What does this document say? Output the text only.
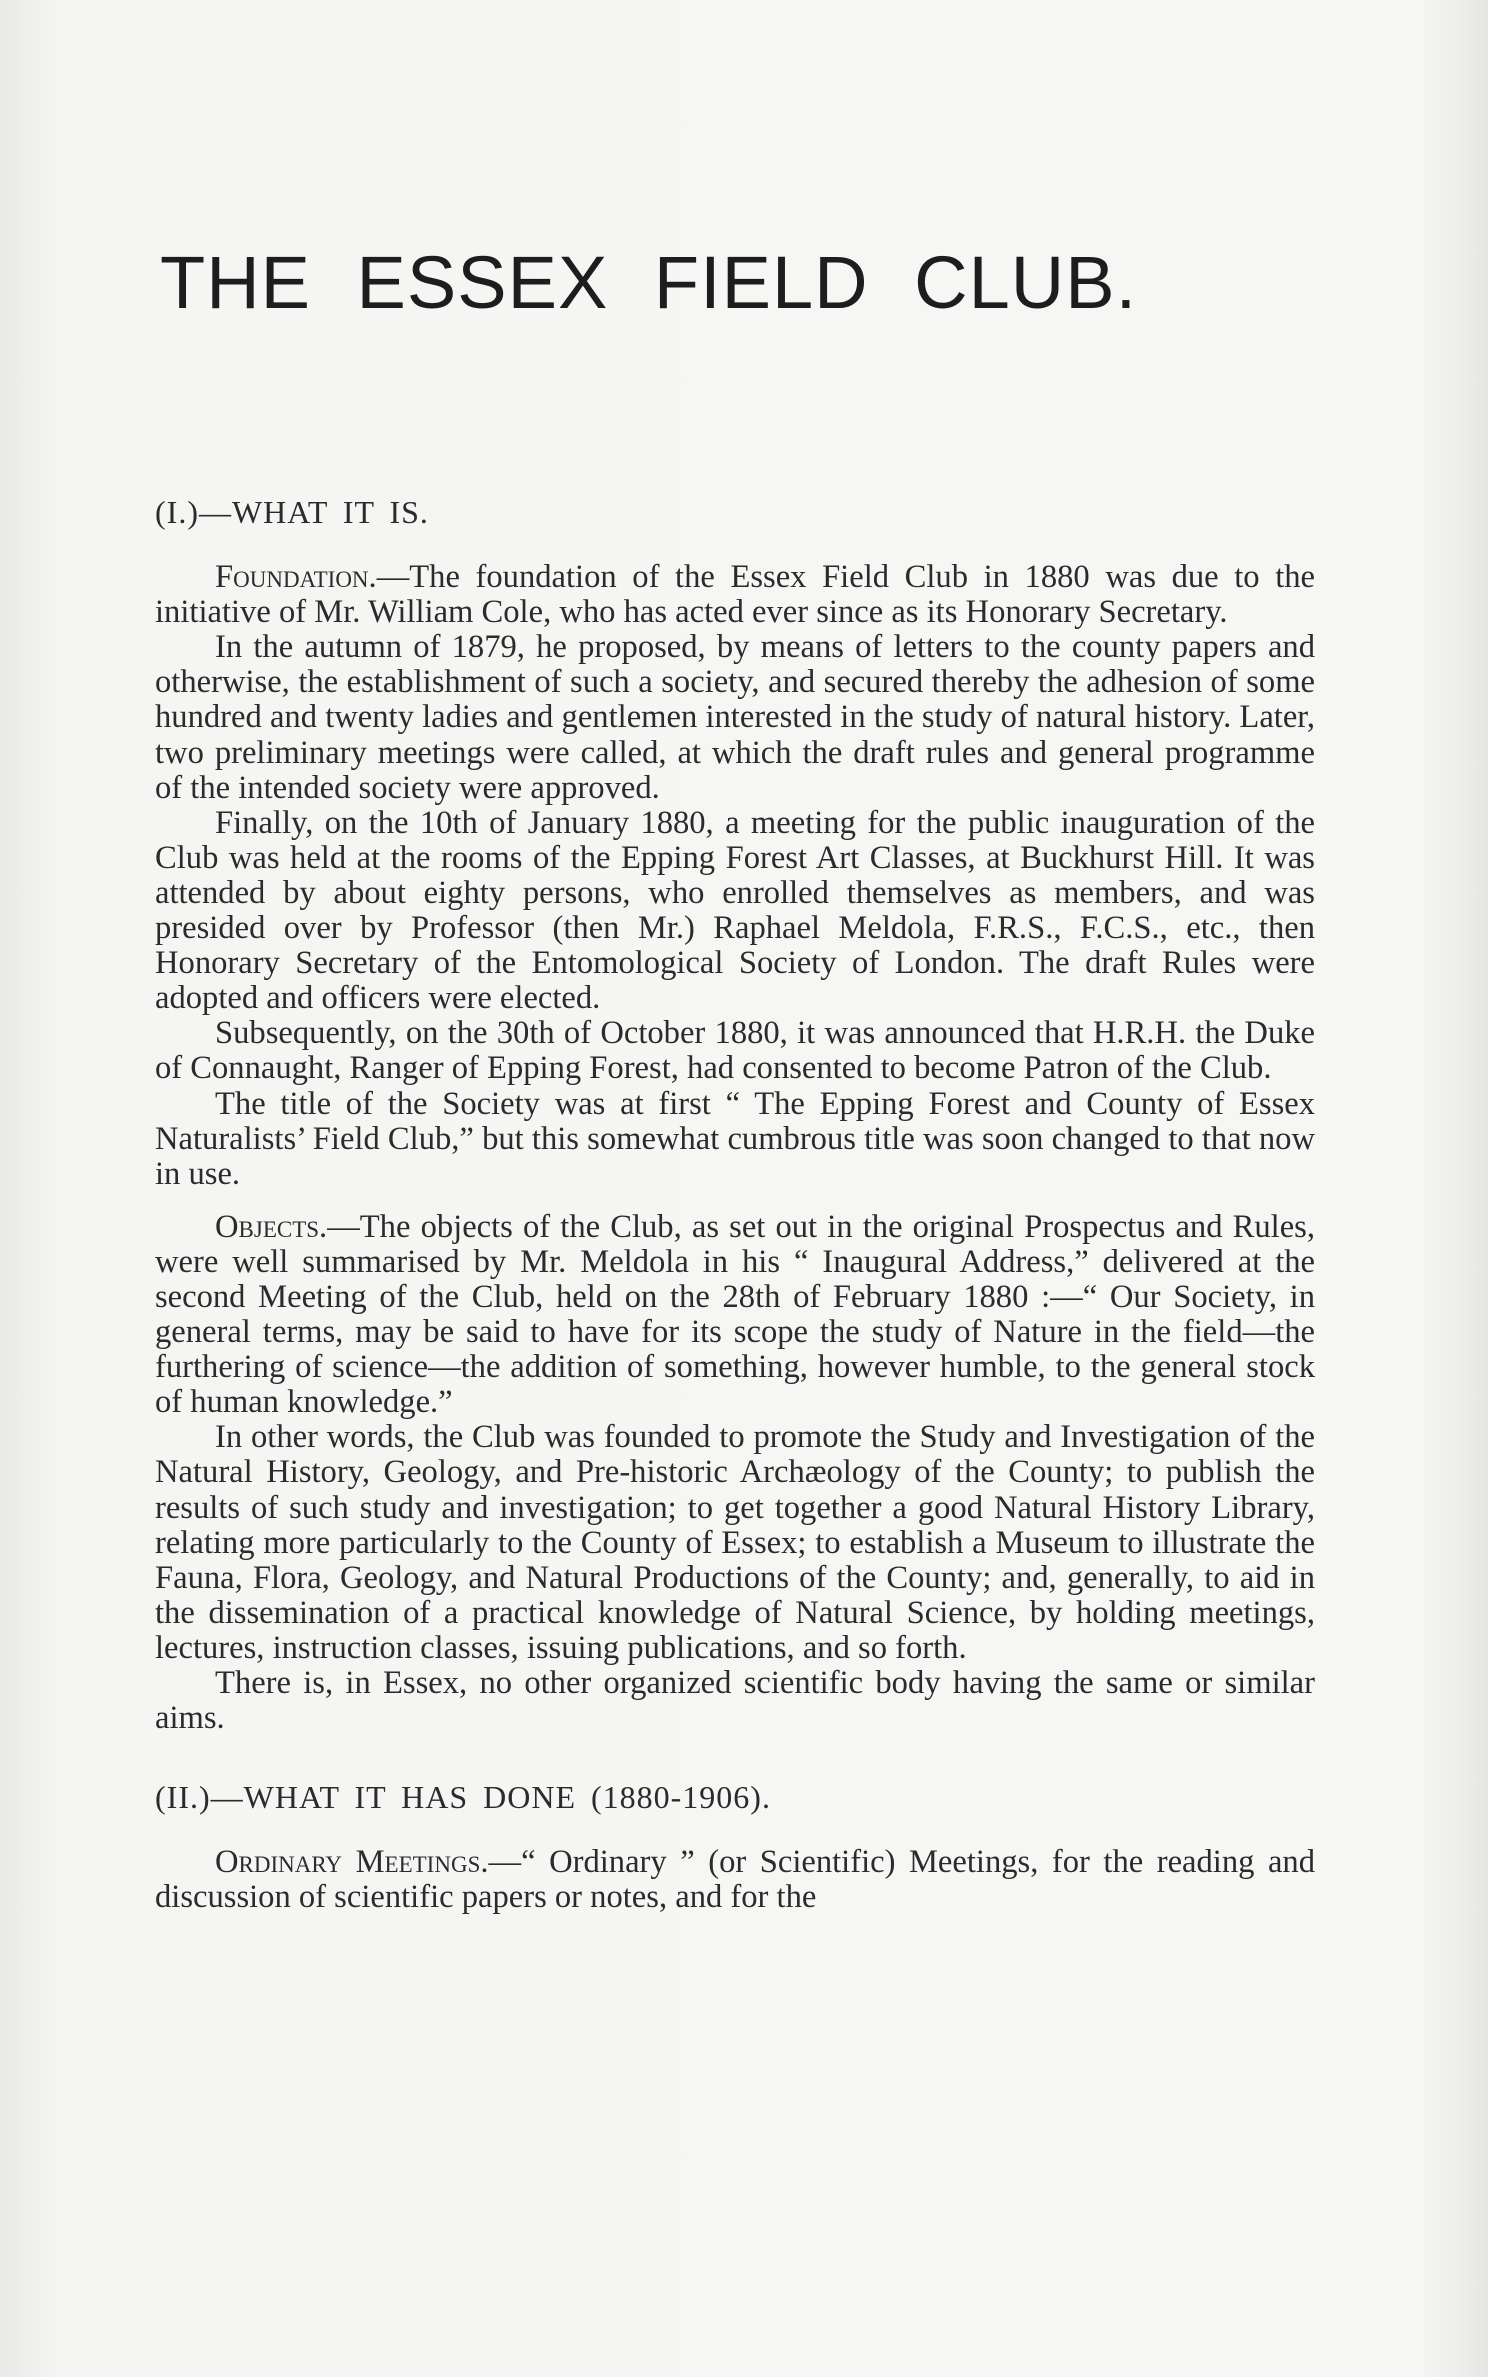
THE ESSEX FIELD CLUB.
(I.)—WHAT IT IS.

Foundation.—The foundation of the Essex Field Club in 1880 was due to the initiative of Mr. William Cole, who has acted ever since as its Honorary Secretary.

In the autumn of 1879, he proposed, by means of letters to the county papers and otherwise, the establishment of such a society, and secured thereby the adhesion of some hundred and twenty ladies and gentlemen interested in the study of natural history. Later, two preliminary meetings were called, at which the draft rules and general programme of the intended society were approved.

Finally, on the 10th of January 1880, a meeting for the public inauguration of the Club was held at the rooms of the Epping Forest Art Classes, at Buckhurst Hill. It was attended by about eighty persons, who enrolled themselves as members, and was presided over by Professor (then Mr.) Raphael Meldola, F.R.S., F.C.S., etc., then Honorary Secretary of the Entomological Society of London. The draft Rules were adopted and officers were elected.

Subsequently, on the 30th of October 1880, it was announced that H.R.H. the Duke of Connaught, Ranger of Epping Forest, had consented to become Patron of the Club.

The title of the Society was at first “ The Epping Forest and County of Essex Naturalists’ Field Club,” but this somewhat cumbrous title was soon changed to that now in use.

Objects.—The objects of the Club, as set out in the original Prospectus and Rules, were well summarised by Mr. Meldola in his “ Inaugural Address,” delivered at the second Meeting of the Club, held on the 28th of February 1880 :—“ Our Society, in general terms, may be said to have for its scope the study of Nature in the field—the furthering of science—the addition of something, however humble, to the general stock of human knowledge.”

In other words, the Club was founded to promote the Study and Investigation of the Natural History, Geology, and Pre-historic Archæology of the County; to publish the results of such study and investigation; to get together a good Natural History Library, relating more particularly to the County of Essex; to establish a Museum to illustrate the Fauna, Flora, Geology, and Natural Productions of the County; and, generally, to aid in the dissemination of a practical knowledge of Natural Science, by holding meetings, lectures, instruction classes, issuing publications, and so forth.

There is, in Essex, no other organized scientific body having the same or similar aims.

(II.)—WHAT IT HAS DONE (1880-1906).

Ordinary Meetings.—“ Ordinary ” (or Scientific) Meetings, for the reading and discussion of scientific papers or notes, and for the
